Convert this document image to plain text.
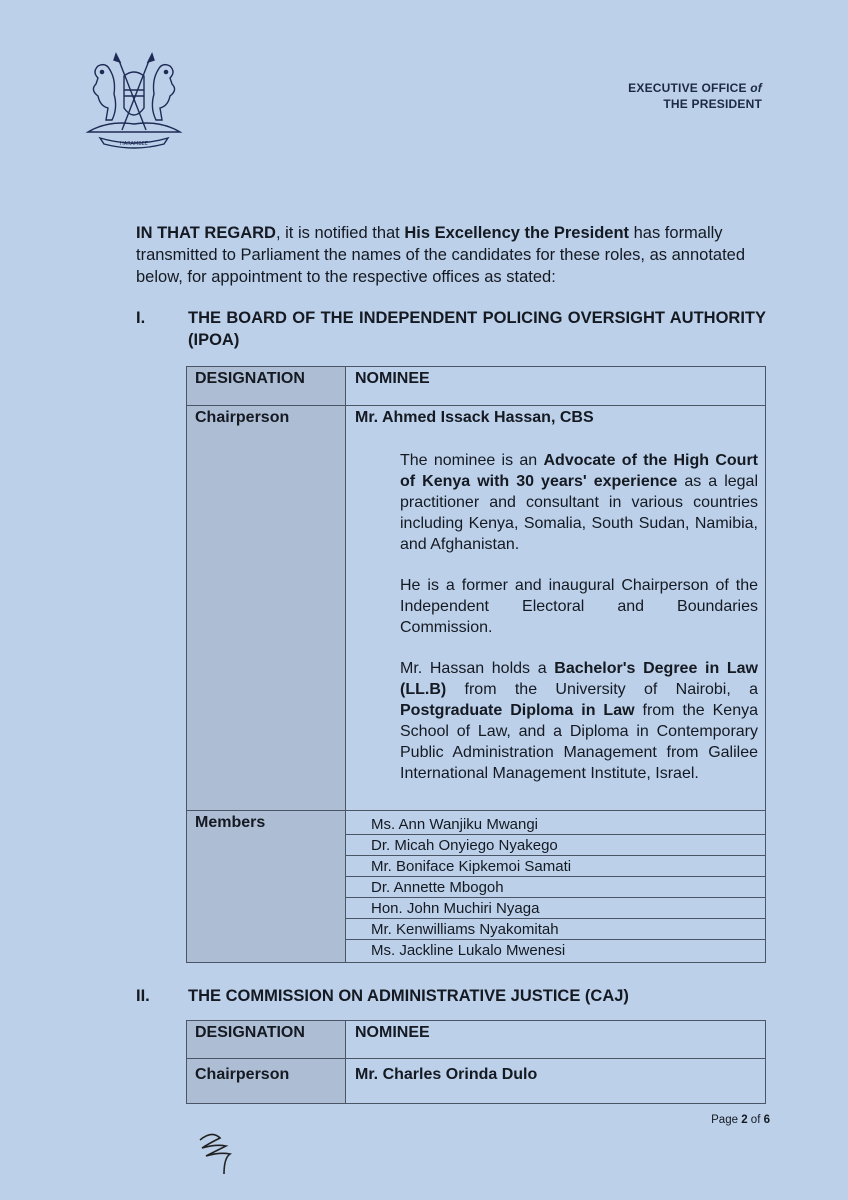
HARAMBEE
EXECUTIVE OFFICE of
THE PRESIDENT
IN THAT REGARD, it is notified that His Excellency the President has formally transmitted to Parliament the names of the candidates for these roles, as annotated below, for appointment to the respective offices as stated:
I.	THE BOARD OF THE INDEPENDENT POLICING OVERSIGHT AUTHORITY (IPOA)
DESIGNATION	NOMINEE
Chairperson	Mr. Ahmed Issack Hassan, CBS

The nominee is an Advocate of the High Court of Kenya with 30 years' experience as a legal practitioner and consultant in various countries including Kenya, Somalia, South Sudan, Namibia, and Afghanistan.

He is a former and inaugural Chairperson of the Independent Electoral and Boundaries Commission.

Mr. Hassan holds a Bachelor's Degree in Law (LL.B) from the University of Nairobi, a Postgraduate Diploma in Law from the Kenya School of Law, and a Diploma in Contemporary Public Administration Management from Galilee International Management Institute, Israel.

Members	Ms. Ann Wanjiku Mwangi
Dr. Micah Onyiego Nyakego
Mr. Boniface Kipkemoi Samati
Dr. Annette Mbogoh
Hon. John Muchiri Nyaga
Mr. Kenwilliams Nyakomitah
Ms. Jackline Lukalo Mwenesi
II. THE COMMISSION ON ADMINISTRATIVE JUSTICE (CAJ)
DESIGNATION	NOMINEE
Chairperson	Mr. Charles Orinda Dulo
Page 2 of 6
